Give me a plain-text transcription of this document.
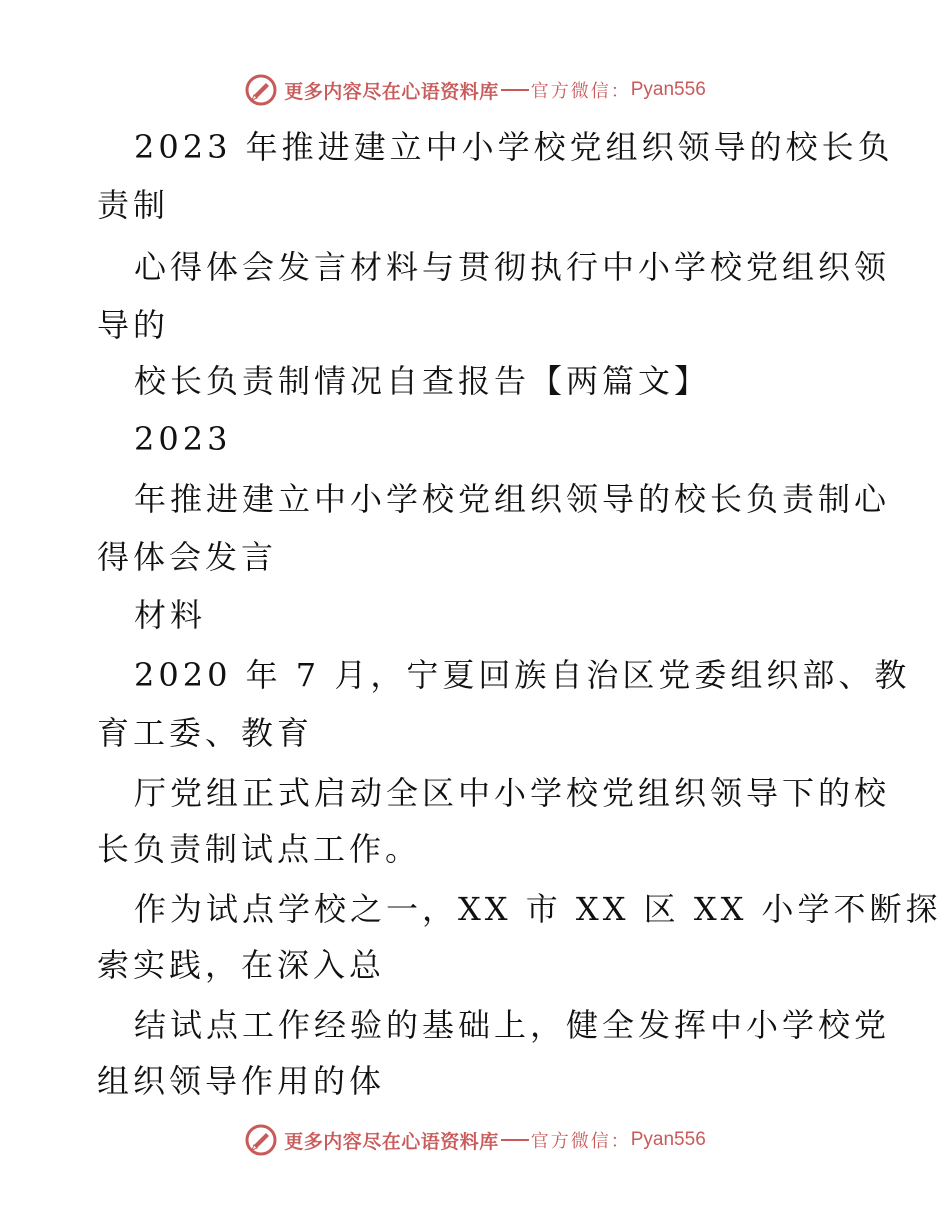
更多内容尽在心语资料库 官方微信： Pyan556
2023 年推进建立中小学校党组织领导的校长负
责制
心得体会发言材料与贯彻执行中小学校党组织领
导的
校长负责制情况自查报告【两篇文】
2023
年推进建立中小学校党组织领导的校长负责制心
得体会发言
材料
2020 年 7 月，宁夏回族自治区党委组织部、教
育工委、教育
厅党组正式启动全区中小学校党组织领导下的校
长负责制试点工作。
作为试点学校之一，XX 市 XX 区 XX 小学不断探
索实践，在深入总
结试点工作经验的基础上，健全发挥中小学校党
组织领导作用的体
更多内容尽在心语资料库 官方微信： Pyan556
